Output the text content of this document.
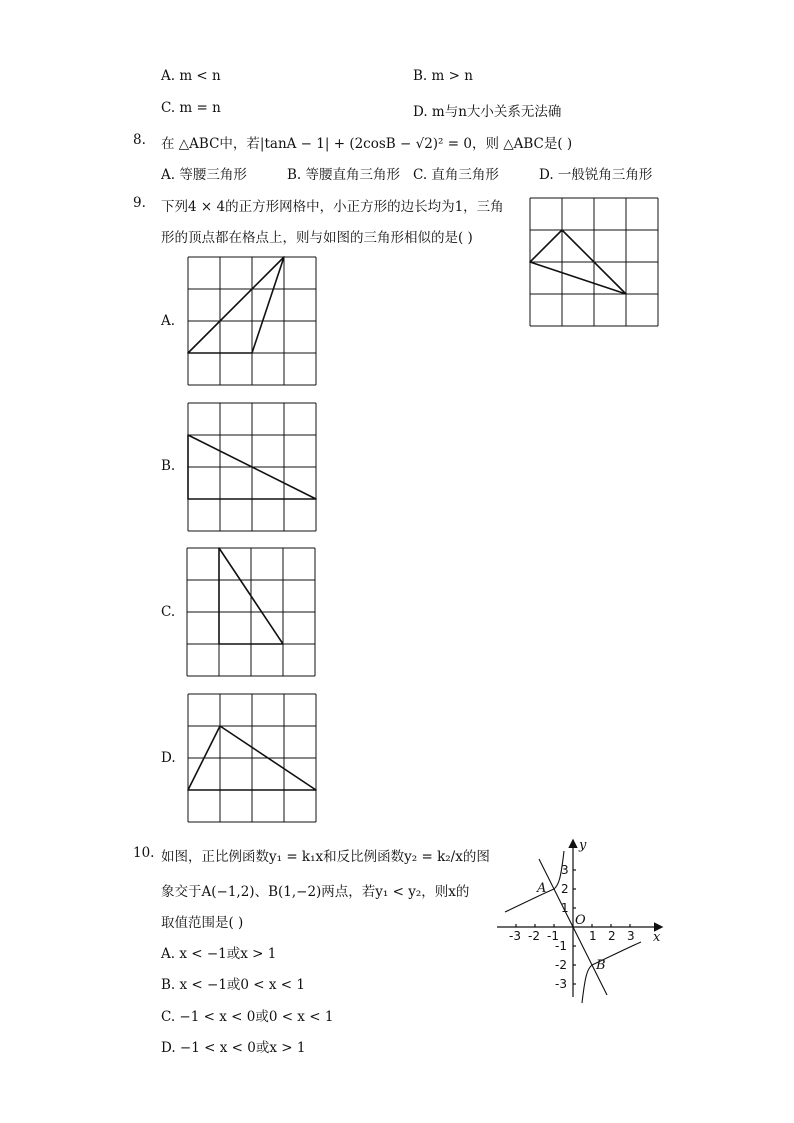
A. m < n	B. m > n
C. m = n	D. m与n大小关系无法确
8. 在 △ABC中，若|tanA − 1| + (2cosB − √2)² = 0，则 △ABC是( )
A. 等腰三角形	B. 等腰直角三角形 C. 直角三角形	D. 一般锐角三角形
9. 下列4 × 4的正方形网格中，小正方形的边长均为1，三角
形的顶点都在格点上，则与如图的三角形相似的是( )
A.
B.
C.
D.
10. 如图，正比例函数y₁ = k₁x和反比例函数y₂ = k₂/x的图
象交于A(−1,2)、B(1,−2)两点，若y₁ < y₂，则x的
取值范围是( )
A. x < −1或x > 1
B. x < −1或0 < x < 1
C. −1 < x < 0或0 < x < 1
D. −1 < x < 0或x > 1
-3 -2 -1	1 2 3
3
2
1
-1
-2
-3
x
y
O
A
B
